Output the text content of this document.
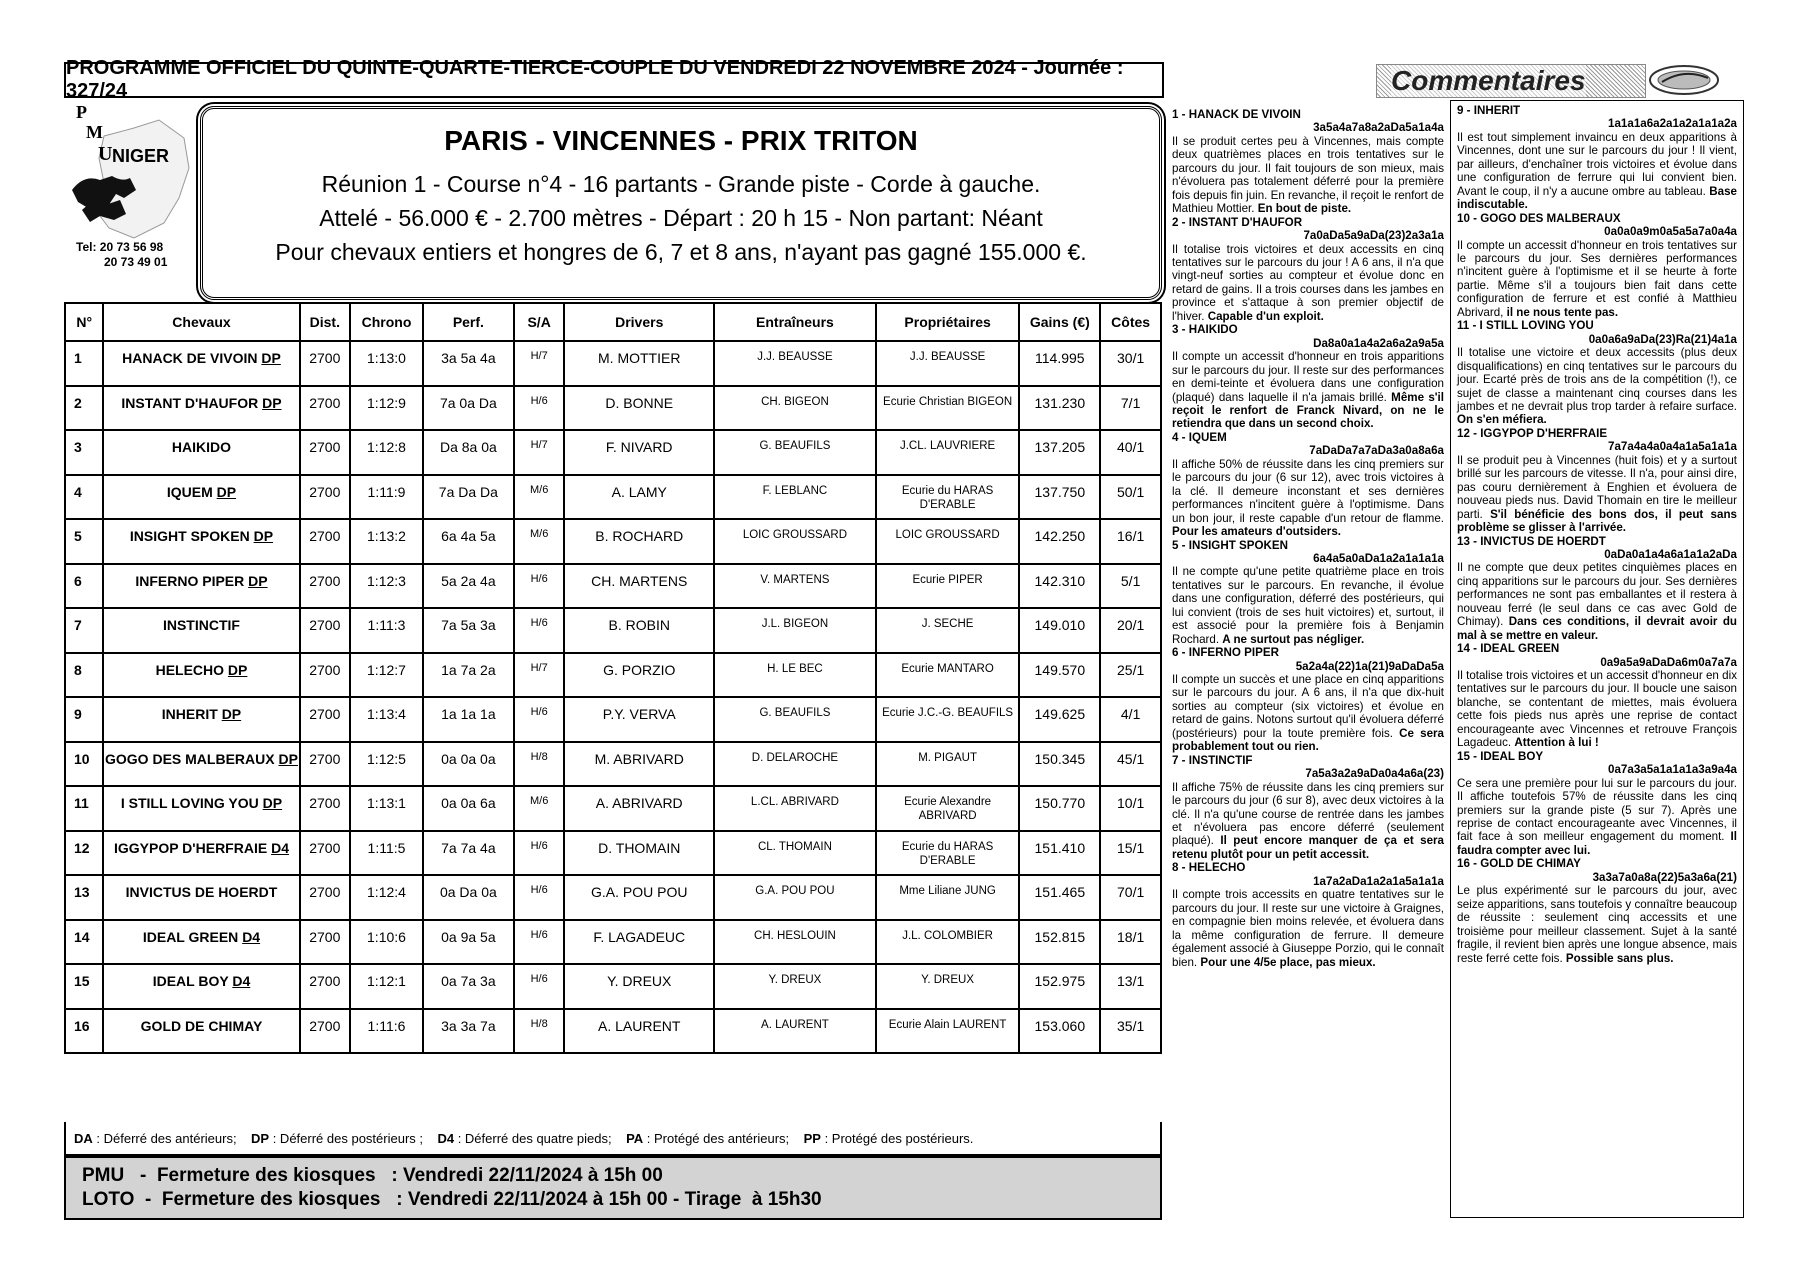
PROGRAMME OFFICIEL DU QUINTE-QUARTE-TIERCE-COUPLE DU VENDREDI 22 NOVEMBRE 2024 - Journée : 327/24	Commentaires
P
M
U NIGER
Tel: 20 73 56 98
20 73 49 01
PARIS - VINCENNES - PRIX TRITON
Réunion 1 - Course n°4 - 16 partants - Grande piste - Corde à gauche.
Attelé - 56.000 € - 2.700 mètres - Départ : 20 h 15 - Non partant: Néant
Pour chevaux entiers et hongres de 6, 7 et 8 ans, n'ayant pas gagné 155.000 €.
N°	Chevaux	Dist.	Chrono	Perf.	S/A	Drivers	Entraîneurs	Propriétaires	Gains (€)	Côtes
1	HANACK DE VIVOIN DP	2700	1:13:0	3a 5a 4a	H/7	M. MOTTIER	J.J. BEAUSSE	J.J. BEAUSSE	114.995	30/1
2	INSTANT D'HAUFOR DP	2700	1:12:9	7a 0a Da	H/6	D. BONNE	CH. BIGEON	Ecurie Christian BIGEON	131.230	7/1
3	HAIKIDO	2700	1:12:8	Da 8a 0a	H/7	F. NIVARD	G. BEAUFILS	J.CL. LAUVRIERE	137.205	40/1
4	IQUEM DP	2700	1:11:9	7a Da Da	M/6	A. LAMY	F. LEBLANC	Ecurie du HARAS D'ERABLE	137.750	50/1
5	INSIGHT SPOKEN DP	2700	1:13:2	6a 4a 5a	M/6	B. ROCHARD	LOIC GROUSSARD	LOIC GROUSSARD	142.250	16/1
6	INFERNO PIPER DP	2700	1:12:3	5a 2a 4a	H/6	CH. MARTENS	V. MARTENS	Ecurie PIPER	142.310	5/1
7	INSTINCTIF	2700	1:11:3	7a 5a 3a	H/6	B. ROBIN	J.L. BIGEON	J. SECHE	149.010	20/1
8	HELECHO DP	2700	1:12:7	1a 7a 2a	H/7	G. PORZIO	H. LE BEC	Ecurie MANTARO	149.570	25/1
9	INHERIT DP	2700	1:13:4	1a 1a 1a	H/6	P.Y. VERVA	G. BEAUFILS	Ecurie J.C.-G. BEAUFILS	149.625	4/1
10	GOGO DES MALBERAUX DP	2700	1:12:5	0a 0a 0a	H/8	M. ABRIVARD	D. DELAROCHE	M. PIGAUT	150.345	45/1
11	I STILL LOVING YOU DP	2700	1:13:1	0a 0a 6a	M/6	A. ABRIVARD	L.CL. ABRIVARD	Ecurie Alexandre ABRIVARD	150.770	10/1
12	IGGYPOP D'HERFRAIE D4	2700	1:11:5	7a 7a 4a	H/6	D. THOMAIN	CL. THOMAIN	Ecurie du HARAS D'ERABLE	151.410	15/1
13	INVICTUS DE HOERDT	2700	1:12:4	0a Da 0a	H/6	G.A. POU POU	G.A. POU POU	Mme Liliane JUNG	151.465	70/1
14	IDEAL GREEN D4	2700	1:10:6	0a 9a 5a	H/6	F. LAGADEUC	CH. HESLOUIN	J.L. COLOMBIER	152.815	18/1
15	IDEAL BOY D4	2700	1:12:1	0a 7a 3a	H/6	Y. DREUX	Y. DREUX	Y. DREUX	152.975	13/1
16	GOLD DE CHIMAY	2700	1:11:6	3a 3a 7a	H/8	A. LAURENT	A. LAURENT	Ecurie Alain LAURENT	153.060	35/1
DA : Déferré des antérieurs; DP : Déferré des postérieurs ; D4 : Déferré des quatre pieds; PA : Protégé des antérieurs; PP : Protégé des postérieurs.
PMU   -  Fermeture des kiosques   : Vendredi 22/11/2024 à 15h 00
LOTO  -  Fermeture des kiosques   : Vendredi 22/11/2024 à 15h 00 - Tirage  à 15h30
1 - HANACK DE VIVOIN
3a5a4a7a8a2aDa5a1a4a
Il se produit certes peu à Vincennes, mais compte deux quatrièmes places en trois tentatives sur le parcours du jour. Il fait toujours de son mieux, mais n'évoluera pas totalement déferré pour la première fois depuis fin juin. En revanche, il reçoit le renfort de Mathieu Mottier. En bout de piste.
2 - INSTANT D'HAUFOR
7a0aDa5a9aDa(23)2a3a1a
Il totalise trois victoires et deux accessits en cinq tentatives sur le parcours du jour ! A 6 ans, il n'a que vingt-neuf sorties au compteur et évolue donc en retard de gains. Il a trois courses dans les jambes en province et s'attaque à son premier objectif de l'hiver. Capable d'un exploit.
3 - HAIKIDO
Da8a0a1a4a2a6a2a9a5a
Il compte un accessit d'honneur en trois apparitions sur le parcours du jour. Il reste sur des performances en demi-teinte et évoluera dans une configuration (plaqué) dans laquelle il n'a jamais brillé. Même s'il reçoit le renfort de Franck Nivard, on ne le retiendra que dans un second choix.
4 - IQUEM
7aDaDa7a7aDa3a0a8a6a
Il affiche 50% de réussite dans les cinq premiers sur le parcours du jour (6 sur 12), avec trois victoires à la clé. Il demeure inconstant et ses dernières performances n'incitent guère à l'optimisme. Dans un bon jour, il reste capable d'un retour de flamme. Pour les amateurs d'outsiders.
5 - INSIGHT SPOKEN
6a4a5a0aDa1a2a1a1a1a
Il ne compte qu'une petite quatrième place en trois tentatives sur le parcours. En revanche, il évolue dans une configuration, déferré des postérieurs, qui lui convient (trois de ses huit victoires) et, surtout, il est associé pour la première fois à Benjamin Rochard. A ne surtout pas négliger.
6 - INFERNO PIPER
5a2a4a(22)1a(21)9aDaDa5a
Il compte un succès et une place en cinq apparitions sur le parcours du jour. A 6 ans, il n'a que dix-huit sorties au compteur (six victoires) et évolue en retard de gains. Notons surtout qu'il évoluera déferré (postérieurs) pour la toute première fois. Ce sera probablement tout ou rien.
7 - INSTINCTIF
7a5a3a2a9aDa0a4a6a(23)
Il affiche 75% de réussite dans les cinq premiers sur le parcours du jour (6 sur 8), avec deux victoires à la clé. Il n'a qu'une course de rentrée dans les jambes et n'évoluera pas encore déferré (seulement plaqué). Il peut encore manquer de ça et sera retenu plutôt pour un petit accessit.
8 - HELECHO
1a7a2aDa1a2a1a5a1a1a
Il compte trois accessits en quatre tentatives sur le parcours du jour. Il reste sur une victoire à Graignes, en compagnie bien moins relevée, et évoluera dans la même configuration de ferrure. Il demeure également associé à Giuseppe Porzio, qui le connaît bien. Pour une 4/5e place, pas mieux.
9 - INHERIT
1a1a1a6a2a1a2a1a1a2a
Il est tout simplement invaincu en deux apparitions à Vincennes, dont une sur le parcours du jour ! Il vient, par ailleurs, d'enchaîner trois victoires et évolue dans une configuration de ferrure qui lui convient bien. Avant le coup, il n'y a aucune ombre au tableau. Base indiscutable.
10 - GOGO DES MALBERAUX
0a0a0a9m0a5a5a7a0a4a
Il compte un accessit d'honneur en trois tentatives sur le parcours du jour. Ses dernières performances n'incitent guère à l'optimisme et il se heurte à forte partie. Même s'il a toujours bien fait dans cette configuration de ferrure et est confié à Matthieu Abrivard, il ne nous tente pas.
11 - I STILL LOVING YOU
0a0a6a9aDa(23)Ra(21)4a1a
Il totalise une victoire et deux accessits (plus deux disqualifications) en cinq tentatives sur le parcours du jour. Ecarté près de trois ans de la compétition (!), ce sujet de classe a maintenant cinq courses dans les jambes et ne devrait plus trop tarder à refaire surface. On s'en méfiera.
12 - IGGYPOP D'HERFRAIE
7a7a4a4a0a4a1a5a1a1a
Il se produit peu à Vincennes (huit fois) et y a surtout brillé sur les parcours de vitesse. Il n'a, pour ainsi dire, pas couru dernièrement à Enghien et évoluera de nouveau pieds nus. David Thomain en tire le meilleur parti. S'il bénéficie des bons dos, il peut sans problème se glisser à l'arrivée.
13 - INVICTUS DE HOERDT
0aDa0a1a4a6a1a1a2aDa
Il ne compte que deux petites cinquièmes places en cinq apparitions sur le parcours du jour. Ses dernières performances ne sont pas emballantes et il restera à nouveau ferré (le seul dans ce cas avec Gold de Chimay). Dans ces conditions, il devrait avoir du mal à se mettre en valeur.
14 - IDEAL GREEN
0a9a5a9aDaDa6m0a7a7a
Il totalise trois victoires et un accessit d'honneur en dix tentatives sur le parcours du jour. Il boucle une saison blanche, se contentant de miettes, mais évoluera cette fois pieds nus après une reprise de contact encourageante avec Vincennes et retrouve François Lagadeuc. Attention à lui !
15 - IDEAL BOY
0a7a3a5a1a1a1a3a9a4a
Ce sera une première pour lui sur le parcours du jour. Il affiche toutefois 57% de réussite dans les cinq premiers sur la grande piste (5 sur 7). Après une reprise de contact encourageante avec Vincennes, il fait face à son meilleur engagement du moment. Il faudra compter avec lui.
16 - GOLD DE CHIMAY
3a3a7a0a8a(22)5a3a6a(21)
Le plus expérimenté sur le parcours du jour, avec seize apparitions, sans toutefois y connaître beaucoup de réussite : seulement cinq accessits et une troisième pour meilleur classement. Sujet à la santé fragile, il revient bien après une longue absence, mais reste ferré cette fois. Possible sans plus.
